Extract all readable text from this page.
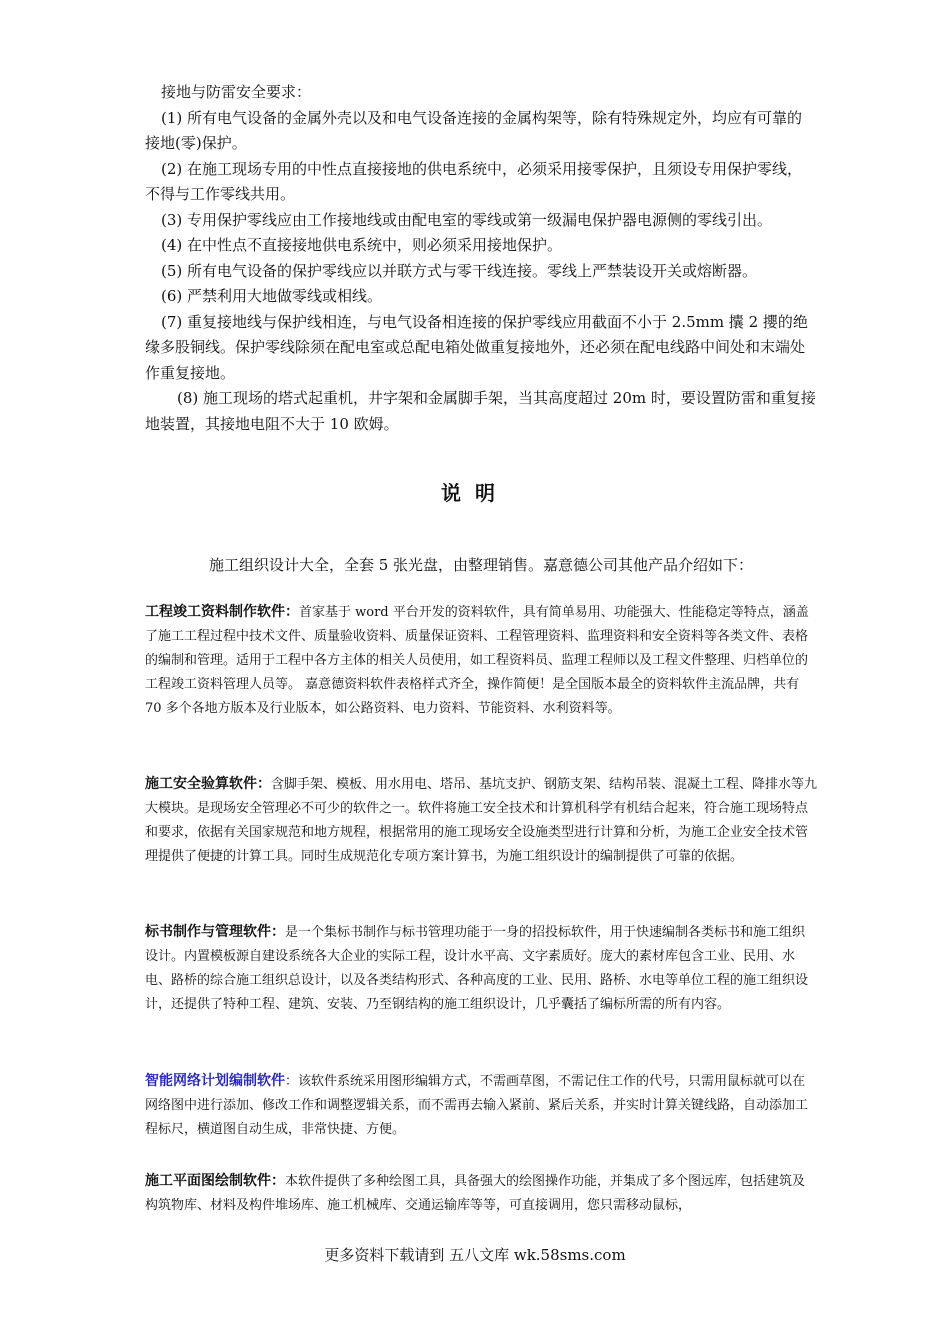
接地与防雷安全要求：

(1) 所有电气设备的金属外壳以及和电气设备连接的金属构架等，除有特殊规定外，均应有可靠的接地(零)保护。

(2) 在施工现场专用的中性点直接接地的供电系统中，必须采用接零保护，且须设专用保护零线，不得与工作零线共用。

(3) 专用保护零线应由工作接地线或由配电室的零线或第一级漏电保护器电源侧的零线引出。

(4) 在中性点不直接接地供电系统中，则必须采用接地保护。

(5) 所有电气设备的保护零线应以并联方式与零干线连接。零线上严禁装设开关或熔断器。

(6) 严禁利用大地做零线或相线。

(7) 重复接地线与保护线相连，与电气设备相连接的保护零线应用截面不小于 2.5mm 攮 2 攖的绝缘多股铜线。保护零线除须在配电室或总配电箱处做重复接地外，还必须在配电线路中间处和末端处作重复接地。

(8) 施工现场的塔式起重机，井字架和金属脚手架，当其高度超过 20m 时，要设置防雷和重复接地装置，其接地电阻不大于 10 欧姆。

说明
施工组织设计大全，全套 5 张光盘，由整理销售。嘉意德公司其他产品介绍如下：

工程竣工资料制作软件：首家基于 word 平台开发的资料软件，具有简单易用、功能强大、性能稳定等特点，涵盖了施工工程过程中技术文件、质量验收资料、质量保证资料、工程管理资料、监理资料和安全资料等各类文件、表格的编制和管理。适用于工程中各方主体的相关人员使用，如工程资料员、监理工程师以及工程文件整理、归档单位的工程竣工资料管理人员等。 嘉意德资料软件表格样式齐全，操作简便！是全国版本最全的资料软件主流品牌，共有 70 多个各地方版本及行业版本，如公路资料、电力资料、节能资料、水利资料等。

施工安全验算软件：含脚手架、模板、用水用电、塔吊、基坑支护、钢筋支架、结构吊装、混凝土工程、降排水等九大模块。是现场安全管理必不可少的软件之一。软件将施工安全技术和计算机科学有机结合起来，符合施工现场特点和要求，依据有关国家规范和地方规程，根据常用的施工现场安全设施类型进行计算和分析，为施工企业安全技术管理提供了便捷的计算工具。同时生成规范化专项方案计算书，为施工组织设计的编制提供了可靠的依据。

标书制作与管理软件：是一个集标书制作与标书管理功能于一身的招投标软件，用于快速编制各类标书和施工组织设计。内置模板源自建设系统各大企业的实际工程，设计水平高、文字素质好。庞大的素材库包含工业、民用、水电、路桥的综合施工组织总设计，以及各类结构形式、各种高度的工业、民用、路桥、水电等单位工程的施工组织设计，还提供了特种工程、建筑、安装、乃至钢结构的施工组织设计，几乎囊括了编标所需的所有内容。

智能网络计划编制软件：该软件系统采用图形编辑方式，不需画草图，不需记住工作的代号，只需用鼠标就可以在网络图中进行添加、修改工作和调整逻辑关系，而不需再去输入紧前、紧后关系，并实时计算关键线路，自动添加工程标尺，横道图自动生成，非常快捷、方便。

施工平面图绘制软件：本软件提供了多种绘图工具，具备强大的绘图操作功能，并集成了多个图远库，包括建筑及构筑物库、材料及构件堆场库、施工机械库、交通运输库等等，可直接调用，您只需移动鼠标，

更多资料下载请到 五八文库 wk.58sms.com
